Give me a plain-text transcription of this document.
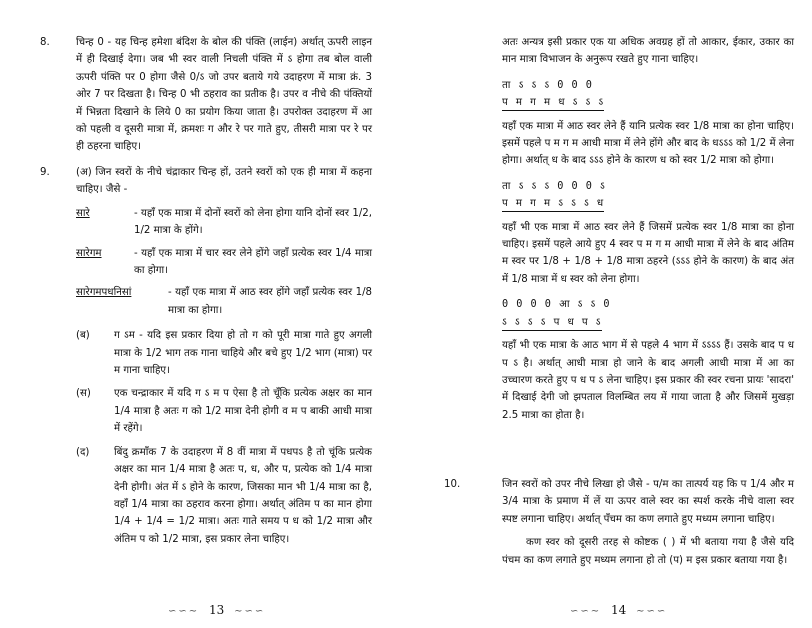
8.	चिन्ह 0 - यह चिन्ह हमेशा बंदिश के बोल की पंक्ति (लाईन) अर्थात् ऊपरी लाइन में ही दिखाई देगा। जब भी स्वर वाली निचली पंक्ति में ऽ होगा तब बोल वाली ऊपरी पंक्ति पर 0 होगा जैसे 0/ऽ जो उपर बताये गये उदाहरण में मात्रा क्रं. 3 ओर 7 पर दिखता है। चिन्ह 0 भी ठहराव का प्रतीक है। उपर व नीचे की पंक्तियों में भिन्नता दिखाने के लिये 0 का प्रयोग किया जाता है। उपरोक्त उदाहरण में आ को पहली व दूसरी मात्रा में, क्रमशः ग और रे पर गाते हुए, तीसरी मात्रा पर रे पर ही ठहरना चाहिए।

9.	(अ) जिन स्वरों के नीचे चंद्राकार चिन्ह हों, उतने स्वरों को एक ही मात्रा में कहना चाहिए। जैसे -

सारे	- यहाँ एक मात्रा में दोनों स्वरों को लेना होगा यानि दोनों स्वर 1/2, 1/2 मात्रा के होंगे।

सारेगम	- यहाँ एक मात्रा में चार स्वर लेने होंगे जहाँ प्रत्येक स्वर 1/4 मात्रा का होगा।

सारेगमपधनिसां	- यहाँ एक मात्रा में आठ स्वर होंगे जहाँ प्रत्येक स्वर 1/8 मात्रा का होगा।

(ब) ग ऽम - यदि इस प्रकार दिया हो तो ग को पूरी मात्रा गाते हुए अगली मात्रा के 1/2 भाग तक गाना चाहिये और बचे हुए 1/2 भाग (मात्रा) पर म गाना चाहिए।

(स) एक चन्द्राकार में यदि ग ऽ म प ऐसा है तो चूँकि प्रत्येक अक्षर का मान 1/4 मात्रा है अतः ग को 1/2 मात्रा देनी होगी व म प बाकी आधी मात्रा में रहेंगे।

(द) बिंदु क्रमाँक 7 के उदाहरण में 8 वीं मात्रा में पधपऽ है तो चूंकि प्रत्येक अक्षर का मान 1/4 मात्रा है अतः प, ध, और प, प्रत्येक को 1/4 मात्रा देनी होगी। अंत में ऽ होने के कारण, जिसका मान भी 1/4 मात्रा का है, वहाँ 1/4 मात्रा का ठहराव करना होगा। अर्थात् अंतिम प का मान होगा 1/4 + 1/4 = 1/2 मात्रा। अतः गाते समय प ध को 1/2 मात्रा और अंतिम प को 1/2 मात्रा, इस प्रकार लेना चाहिए।

∽∽∼ 13 ∼∽∽

अतः अन्यत्र इसी प्रकार एक या अधिक अवग्रह हों तो आकार, ईकार, उकार का मान मात्रा विभाजन के अनुरूप रखते हुए गाना चाहिए।

ता ऽ ऽ ऽ 0 0 0
प म ग म ध ऽ ऽ ऽ

यहाँ एक मात्रा में आठ स्वर लेने हैं यानि प्रत्येक स्वर 1/8 मात्रा का होना चाहिए। इसमें पहले प म ग म आधी मात्रा में लेने होंगे और बाद के धऽऽऽ को 1/2 में लेना होगा। अर्थात् ध के बाद ऽऽऽ होने के कारण ध को स्वर 1/2 मात्रा को होगा।

ता ऽ ऽ ऽ 0 0 0 ऽ
प म ग म ऽ ऽ ऽ ध

यहाँ भी एक मात्रा में आठ स्वर लेने हैं जिसमें प्रत्येक स्वर 1/8 मात्रा का होना चाहिए। इसमें पहले आये हुए 4 स्वर प म ग म आधी मात्रा में लेने के बाद अंतिम म स्वर पर 1/8 + 1/8 + 1/8 मात्रा ठहरने (ऽऽऽ होने के कारण) के बाद अंत में 1/8 मात्रा में ध स्वर को लेना होगा।

0 0 0 0 आ ऽ ऽ 0
ऽ ऽ ऽ ऽ प ध प ऽ

यहाँ भी एक मात्रा के आठ भाग में से पहले 4 भाग में ऽऽऽऽ हैं। उसके बाद प ध प ऽ है। अर्थात् आधी मात्रा हो जाने के बाद अगली आधी मात्रा में आ का उच्चारण करते हुए प ध प ऽ लेना चाहिए। इस प्रकार की स्वर रचना प्रायः 'सादरा' में दिखाई देगी जो झपताल विलम्बित लय में गाया जाता है और जिसमें मुखड़ा 2.5 मात्रा का होता है।

10.	जिन स्वरों को उपर नीचे लिखा हो जैसे - प/म का तात्पर्य यह कि प 1/4 और म 3/4 मात्रा के प्रमाण में लें या ऊपर वाले स्वर का स्पर्श करके नीचे वाला स्वर स्पष्ट लगाना चाहिए। अर्थात् पँचम का कण लगाते हुए मध्यम लगाना चाहिए।

कण स्वर को दूसरी तरह से कोष्टक ( ) में भी बताया गया है जैसे यदि पंचम का कण लगाते हुए मध्यम लगाना हो तो (प) म इस प्रकार बताया गया है।

∽∽∼ 14 ∼∽∽
